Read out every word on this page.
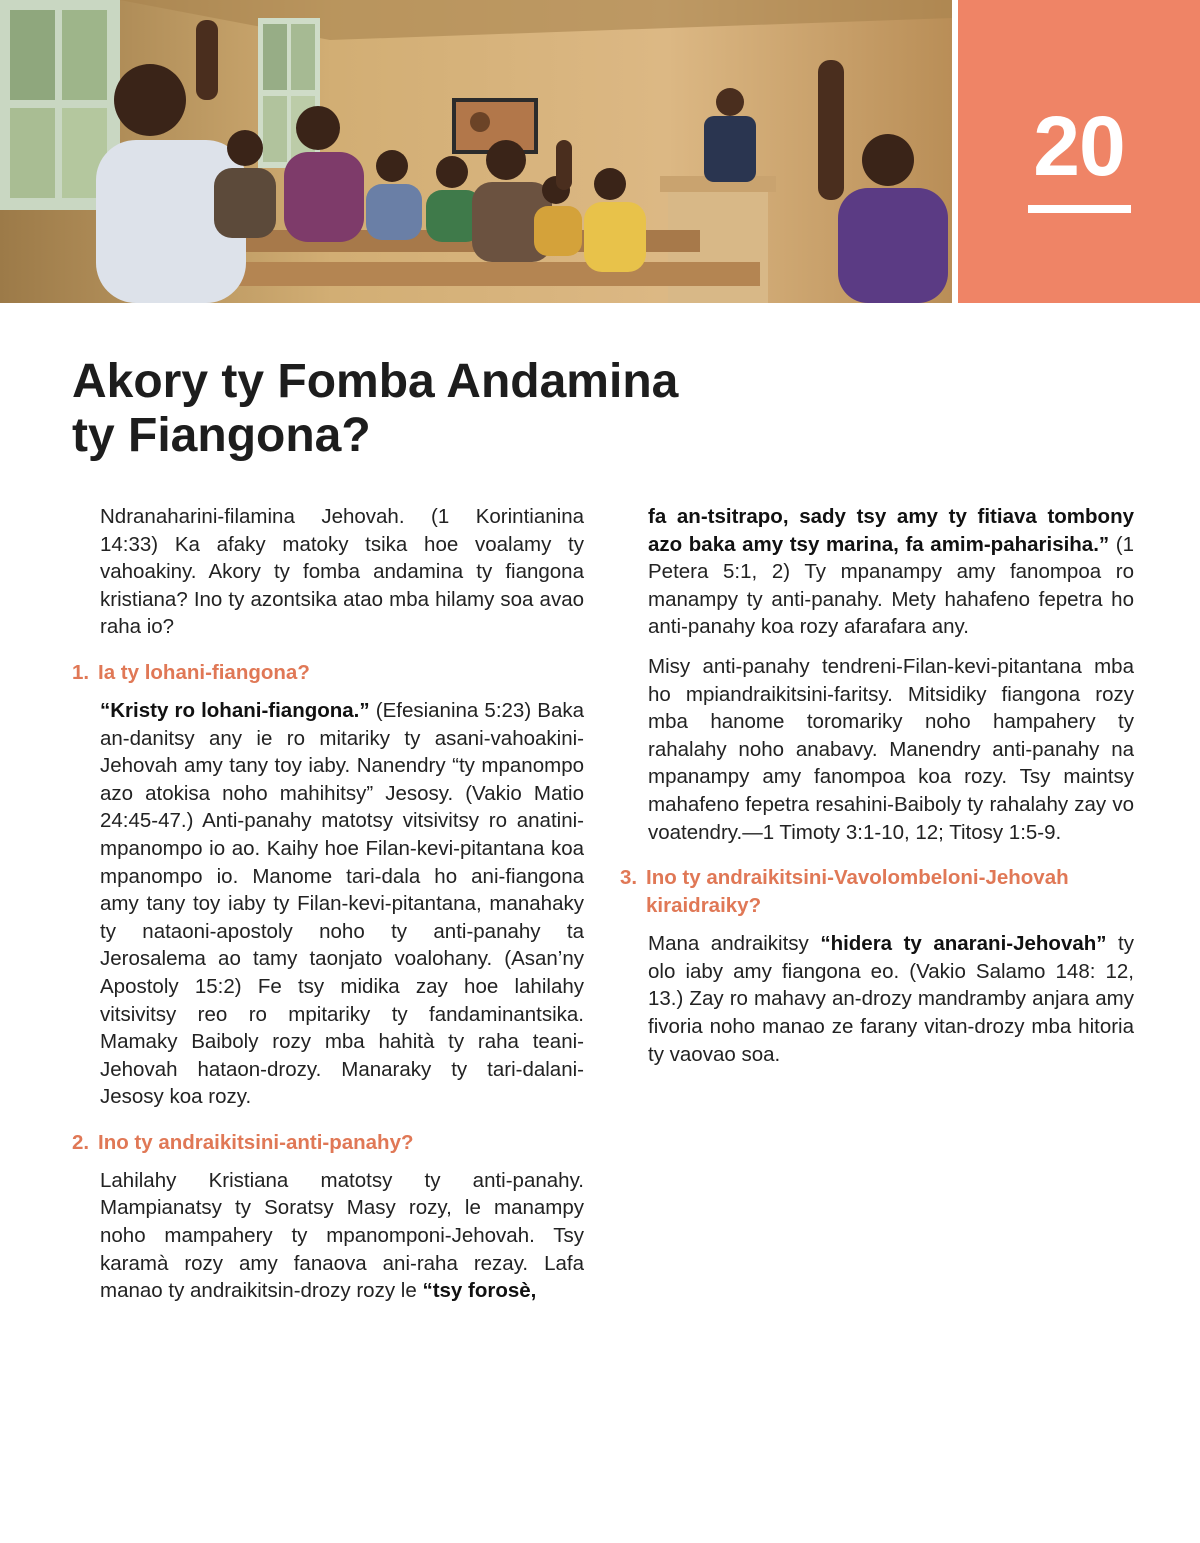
20
Akory ty Fomba Andamina
ty Fiangona?

Ndranaharini-filamina Jehovah. (1 Korintianina 14:33) Ka afaky matoky tsika hoe voalamy ty vahoakiny. Akory ty fomba andamina ty fiangona kristiana? Ino ty azontsika atao mba hilamy soa avao raha io?

1. Ia ty lohani-fiangona?

“Kristy ro lohani-fiangona.” (Efesianina 5:23) Baka an-danitsy any ie ro mitariky ty asani-vahoakini-Jehovah amy tany toy iaby. Nanendry “ty mpanompo azo atokisa noho mahihitsy” Jesosy. (Vakio Matio 24:45-47.) Anti-panahy matotsy vitsivitsy ro anatini-mpanompo io ao. Kaihy hoe Filan-kevi-pitantana koa mpanompo io. Manome tari-dala ho ani-fiangona amy tany toy iaby ty Filan-kevi-pitantana, manahaky ty nataoni-apostoly noho ty anti-panahy ta Jerosalema ao tamy taonjato voalohany. (Asan’ny Apostoly 15:2) Fe tsy midika zay hoe lahilahy vitsivitsy reo ro mpitariky ty fandaminantsika. Mamaky Baiboly rozy mba hahità ty raha teani-Jehovah hataon-drozy. Manaraky ty tari-dalani-Jesosy koa rozy.

2. Ino ty andraikitsini-anti-panahy?

Lahilahy Kristiana matotsy ty anti-panahy. Mampianatsy ty Soratsy Masy rozy, le manampy noho mampahery ty mpanomponi-Jehovah. Tsy karamà rozy amy fanaova ani-raha rezay. Lafa manao ty andraikitsin-drozy rozy le “tsy forosè,

fa an-tsitrapo, sady tsy amy ty fitiava tombony azo baka amy tsy marina, fa amim-paharisiha.” (1 Petera 5:1, 2) Ty mpanampy amy fanompoa ro manampy ty anti-panahy. Mety hahafeno fepetra ho anti-panahy koa rozy afarafara any.

Misy anti-panahy tendreni-Filan-kevi-pitantana mba ho mpiandraikitsini-faritsy. Mitsidiky fiangona rozy mba hanome toromariky noho hampahery ty rahalahy noho anabavy. Manendry anti-panahy na mpanampy amy fanompoa koa rozy. Tsy maintsy mahafeno fepetra resahini-Baiboly ty rahalahy zay vo voatendry.—1 Timoty 3:1-10, 12; Titosy 1:5-9.

3. Ino ty andraikitsini-Vavolombeloni-Jehovah kiraidraiky?

Mana andraikitsy “hidera ty anarani-Jehovah” ty olo iaby amy fiangona eo. (Vakio Salamo 148: 12, 13.) Zay ro mahavy an-drozy mandramby anjara amy fivoria noho manao ze farany vitan-drozy mba hitoria ty vaovao soa.
